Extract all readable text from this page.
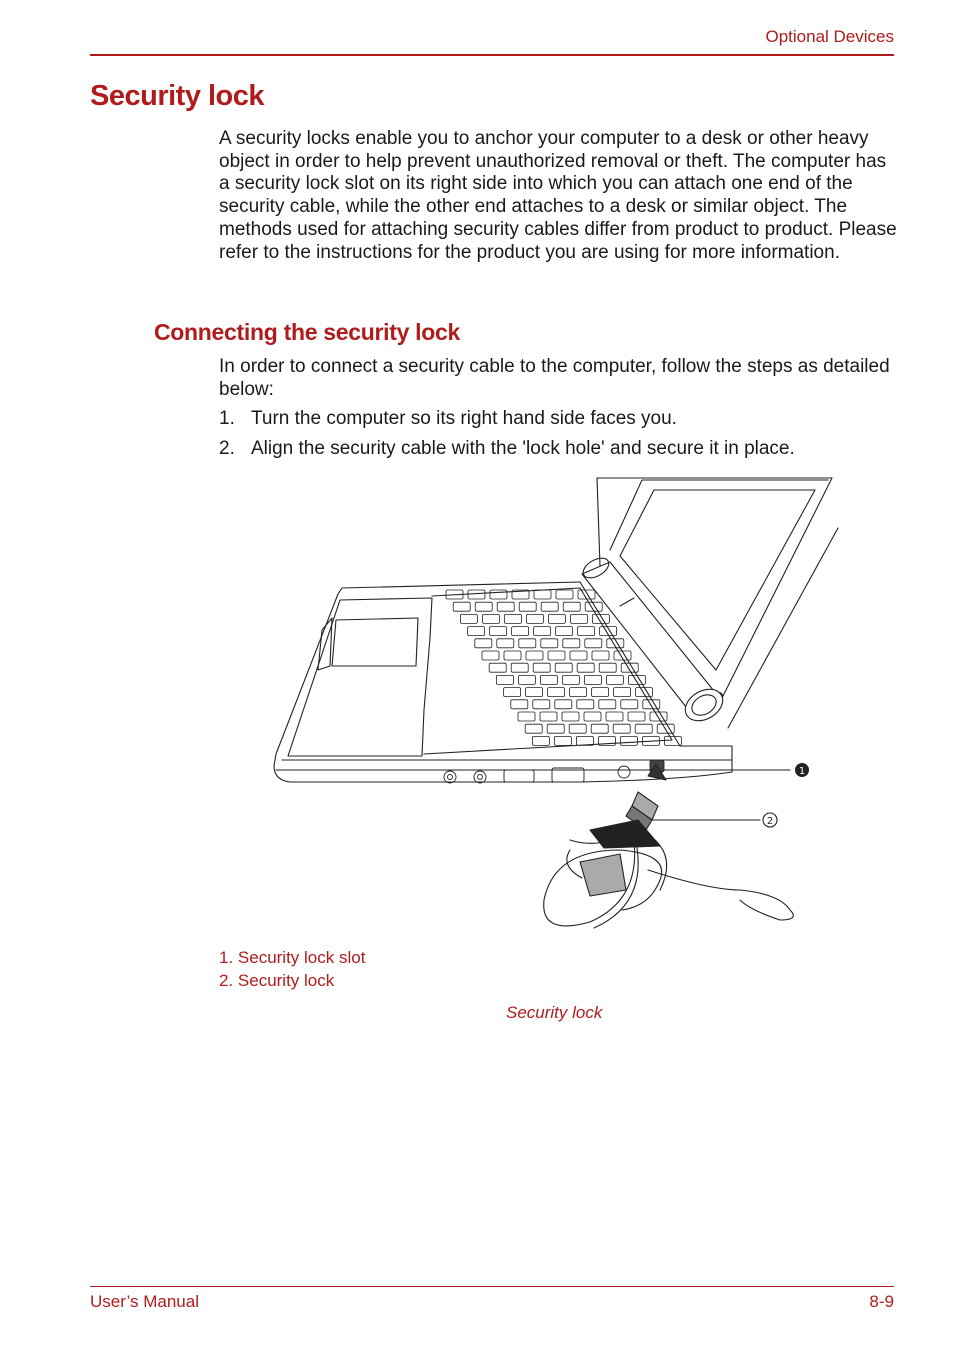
Optional Devices
Security lock

A security locks enable you to anchor your computer to a desk or other heavy object in order to help prevent unauthorized removal or theft. The computer has a security lock slot on its right side into which you can attach one end of the security cable, while the other end attaches to a desk or similar object. The methods used for attaching security cables differ from product to product. Please refer to the instructions for the product you are using for more information.

Connecting the security lock

In order to connect a security cable to the computer, follow the steps as detailed below:

1. Turn the computer so its right hand side faces you.
2. Align the security cable with the 'lock hole' and secure it in place.
1
2
1. Security lock slot
2. Security lock
Security lock
User’s Manual	8-9
